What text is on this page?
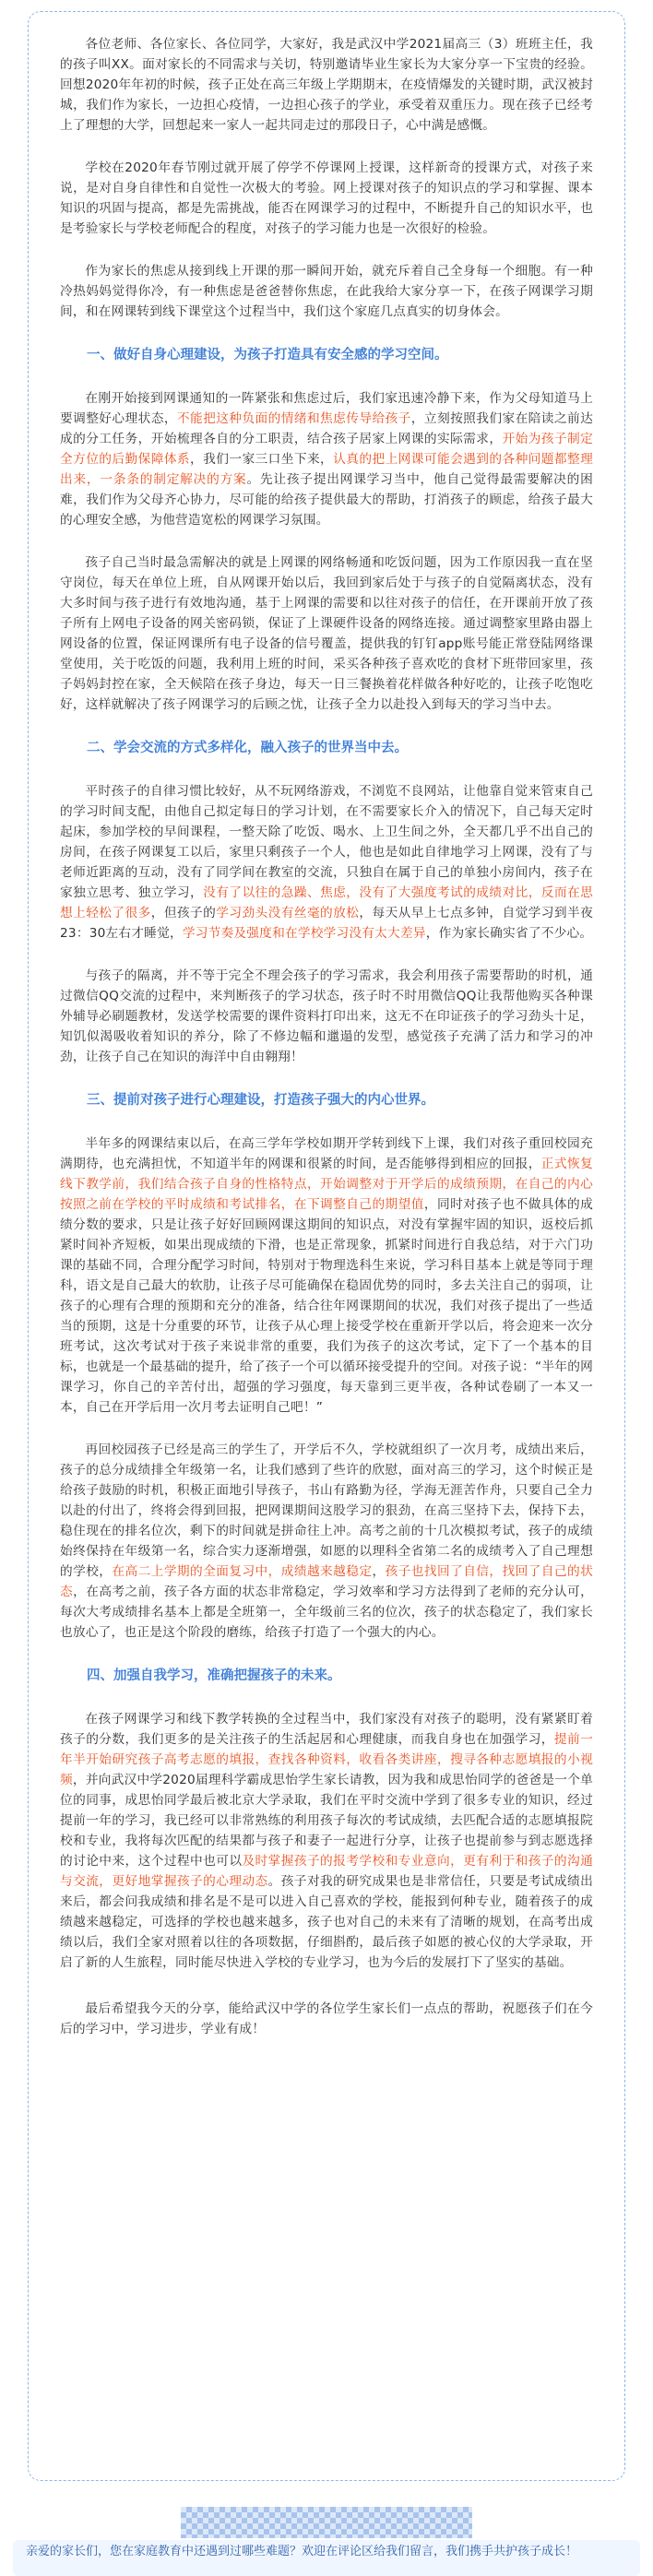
各位老师、各位家长、各位同学，大家好，我是武汉中学2021届高三（3）班班主任，我的孩子叫XX。面对家长的不同需求与关切，特别邀请毕业生家长为大家分享一下宝贵的经验。回想2020年年初的时候，孩子正处在高三年级上学期期末，在疫情爆发的关键时期，武汉被封城，我们作为家长，一边担心疫情，一边担心孩子的学业，承受着双重压力。现在孩子已经考上了理想的大学，回想起来一家人一起共同走过的那段日子，心中满是感慨。

学校在2020年春节刚过就开展了停学不停课网上授课，这样新奇的授课方式，对孩子来说，是对自身自律性和自觉性一次极大的考验。网上授课对孩子的知识点的学习和掌握、课本知识的巩固与提高，都是先需挑战，能否在网课学习的过程中，不断提升自己的知识水平，也是考验家长与学校老师配合的程度，对孩子的学习能力也是一次很好的检验。

作为家长的焦虑从接到线上开课的那一瞬间开始，就充斥着自己全身每一个细胞。有一种冷热妈妈觉得你冷，有一种焦虑是爸爸替你焦虑，在此我给大家分享一下，在孩子网课学习期间，和在网课转到线下课堂这个过程当中，我们这个家庭几点真实的切身体会。

一、做好自身心理建设，为孩子打造具有安全感的学习空间。

在刚开始接到网课通知的一阵紧张和焦虑过后，我们家迅速冷静下来，作为父母知道马上要调整好心理状态，不能把这种负面的情绪和焦虑传导给孩子，立刻按照我们家在陪读之前达成的分工任务，开始梳理各自的分工职责，结合孩子居家上网课的实际需求，开始为孩子制定全方位的后勤保障体系，我们一家三口坐下来，认真的把上网课可能会遇到的各种问题都整理出来，一条条的制定解决的方案。先让孩子提出网课学习当中，他自己觉得最需要解决的困难，我们作为父母齐心协力，尽可能的给孩子提供最大的帮助，打消孩子的顾虑，给孩子最大的心理安全感，为他营造宽松的网课学习氛围。

孩子自己当时最急需解决的就是上网课的网络畅通和吃饭问题，因为工作原因我一直在坚守岗位，每天在单位上班，自从网课开始以后，我回到家后处于与孩子的自觉隔离状态，没有大多时间与孩子进行有效地沟通，基于上网课的需要和以往对孩子的信任，在开课前开放了孩子所有上网电子设备的网关密码锁，保证了上课硬件设备的网络连接。通过调整家里路由器上网设备的位置，保证网课所有电子设备的信号覆盖，提供我的钉钉app账号能正常登陆网络课堂使用，关于吃饭的问题，我利用上班的时间，采买各种孩子喜欢吃的食材下班带回家里，孩子妈妈封控在家，全天候陪在孩子身边，每天一日三餐换着花样做各种好吃的，让孩子吃饱吃好，这样就解决了孩子网课学习的后顾之忧，让孩子全力以赴投入到每天的学习当中去。

二、学会交流的方式多样化，融入孩子的世界当中去。

平时孩子的自律习惯比较好，从不玩网络游戏，不浏览不良网站，让他靠自觉来管束自己的学习时间支配，由他自己拟定每日的学习计划，在不需要家长介入的情况下，自己每天定时起床，参加学校的早间课程，一整天除了吃饭、喝水、上卫生间之外，全天都几乎不出自己的房间，在孩子网课复工以后，家里只剩孩子一个人，他也是如此自律地学习上网课，没有了与老师近距离的互动，没有了同学间在教室的交流，只独自在属于自己的单独小房间内，孩子在家独立思考、独立学习，没有了以往的急躁、焦虑，没有了大强度考试的成绩对比，反而在思想上轻松了很多，但孩子的学习劲头没有丝毫的放松，每天从早上七点多钟，自觉学习到半夜23：30左右才睡觉，学习节奏及强度和在学校学习没有太大差异，作为家长确实省了不少心。

与孩子的隔离，并不等于完全不理会孩子的学习需求，我会利用孩子需要帮助的时机，通过微信QQ交流的过程中，来判断孩子的学习状态，孩子时不时用微信QQ让我帮他购买各种课外辅导必刷题教材，发送学校需要的课件资料打印出来，这无不在印证孩子的学习劲头十足，知饥似渴吸收着知识的养分，除了不修边幅和邋遢的发型，感觉孩子充满了活力和学习的冲劲，让孩子自己在知识的海洋中自由翱翔！

三、提前对孩子进行心理建设，打造孩子强大的内心世界。

半年多的网课结束以后，在高三学年学校如期开学转到线下上课，我们对孩子重回校园充满期待，也充满担忧，不知道半年的网课和很紧的时间，是否能够得到相应的回报，正式恢复线下教学前，我们结合孩子自身的性格特点，开始调整对于开学后的成绩预期，在自己的内心按照之前在学校的平时成绩和考试排名，在下调整自己的期望值，同时对孩子也不做具体的成绩分数的要求，只是让孩子好好回顾网课这期间的知识点，对没有掌握牢固的知识，返校后抓紧时间补齐短板，如果出现成绩的下滑，也是正常现象，抓紧时间进行自我总结，对于六门功课的基础不同，合理分配学习时间，特别对于物理选科生来说，学习科目基本上就是等同于理科，语文是自己最大的软肋，让孩子尽可能确保在稳固优势的同时，多去关注自己的弱项，让孩子的心理有合理的预期和充分的准备，结合往年网课期间的状况，我们对孩子提出了一些适当的预期，这是十分重要的环节，让孩子从心理上接受学校在重新开学以后，将会迎来一次分班考试，这次考试对于孩子来说非常的重要，我们为孩子的这次考试，定下了一个基本的目标，也就是一个最基础的提升，给了孩子一个可以循环接受提升的空间。对孩子说：“半年的网课学习，你自己的辛苦付出，超强的学习强度，每天靠到三更半夜，各种试卷刷了一本又一本，自己在开学后用一次月考去证明自己吧！”

再回校园孩子已经是高三的学生了，开学后不久，学校就组织了一次月考，成绩出来后，孩子的总分成绩排全年级第一名，让我们感到了些许的欣慰，面对高三的学习，这个时候正是给孩子鼓励的时机，积极正面地引导孩子，书山有路勤为径，学海无涯苦作舟，只要自己全力以赴的付出了，终将会得到回报，把网课期间这股学习的狠劲，在高三坚持下去，保持下去，稳住现在的排名位次，剩下的时间就是拼命往上冲。高考之前的十几次模拟考试，孩子的成绩始终保持在年级第一名，综合实力逐渐增强，如愿的以理科全省第二名的成绩考入了自己理想的学校，在高二上学期的全面复习中，成绩越来越稳定，孩子也找回了自信，找回了自己的状态，在高考之前，孩子各方面的状态非常稳定，学习效率和学习方法得到了老师的充分认可，每次大考成绩排名基本上都是全班第一，全年级前三名的位次，孩子的状态稳定了，我们家长也放心了，也正是这个阶段的磨练，给孩子打造了一个强大的内心。

四、加强自我学习，准确把握孩子的未来。

在孩子网课学习和线下教学转换的全过程当中，我们家没有对孩子的聪明，没有紧紧盯着孩子的分数，我们更多的是关注孩子的生活起居和心理健康，而我自身也在加强学习，提前一年半开始研究孩子高考志愿的填报，查找各种资料，收看各类讲座，搜寻各种志愿填报的小视频，并向武汉中学2020届理科学霸成思怡学生家长请教，因为我和成思怡同学的爸爸是一个单位的同事，成思怡同学最后被北京大学录取，我们在平时交流中学到了很多专业的知识，经过提前一年的学习，我已经可以非常熟练的利用孩子每次的考试成绩，去匹配合适的志愿填报院校和专业，我将每次匹配的结果都与孩子和妻子一起进行分享，让孩子也提前参与到志愿选择的讨论中来，这个过程中也可以及时掌握孩子的报考学校和专业意向，更有利于和孩子的沟通与交流，更好地掌握孩子的心理动态。孩子对我的研究成果也是非常信任，只要是考试成绩出来后，都会问我成绩和排名是不是可以进入自己喜欢的学校，能报到何种专业，随着孩子的成绩越来越稳定，可选择的学校也越来越多，孩子也对自己的未来有了清晰的规划，在高考出成绩以后，我们全家对照着以往的各项数据，仔细斟酌，最后孩子如愿的被心仪的大学录取，开启了新的人生旅程，同时能尽快进入学校的专业学习，也为今后的发展打下了坚实的基础。

最后希望我今天的分享，能给武汉中学的各位学生家长们一点点的帮助，祝愿孩子们在今后的学习中，学习进步，学业有成！

亲爱的家长们，您在家庭教育中还遇到过哪些难题？欢迎在评论区给我们留言，我们携手共护孩子成长！
